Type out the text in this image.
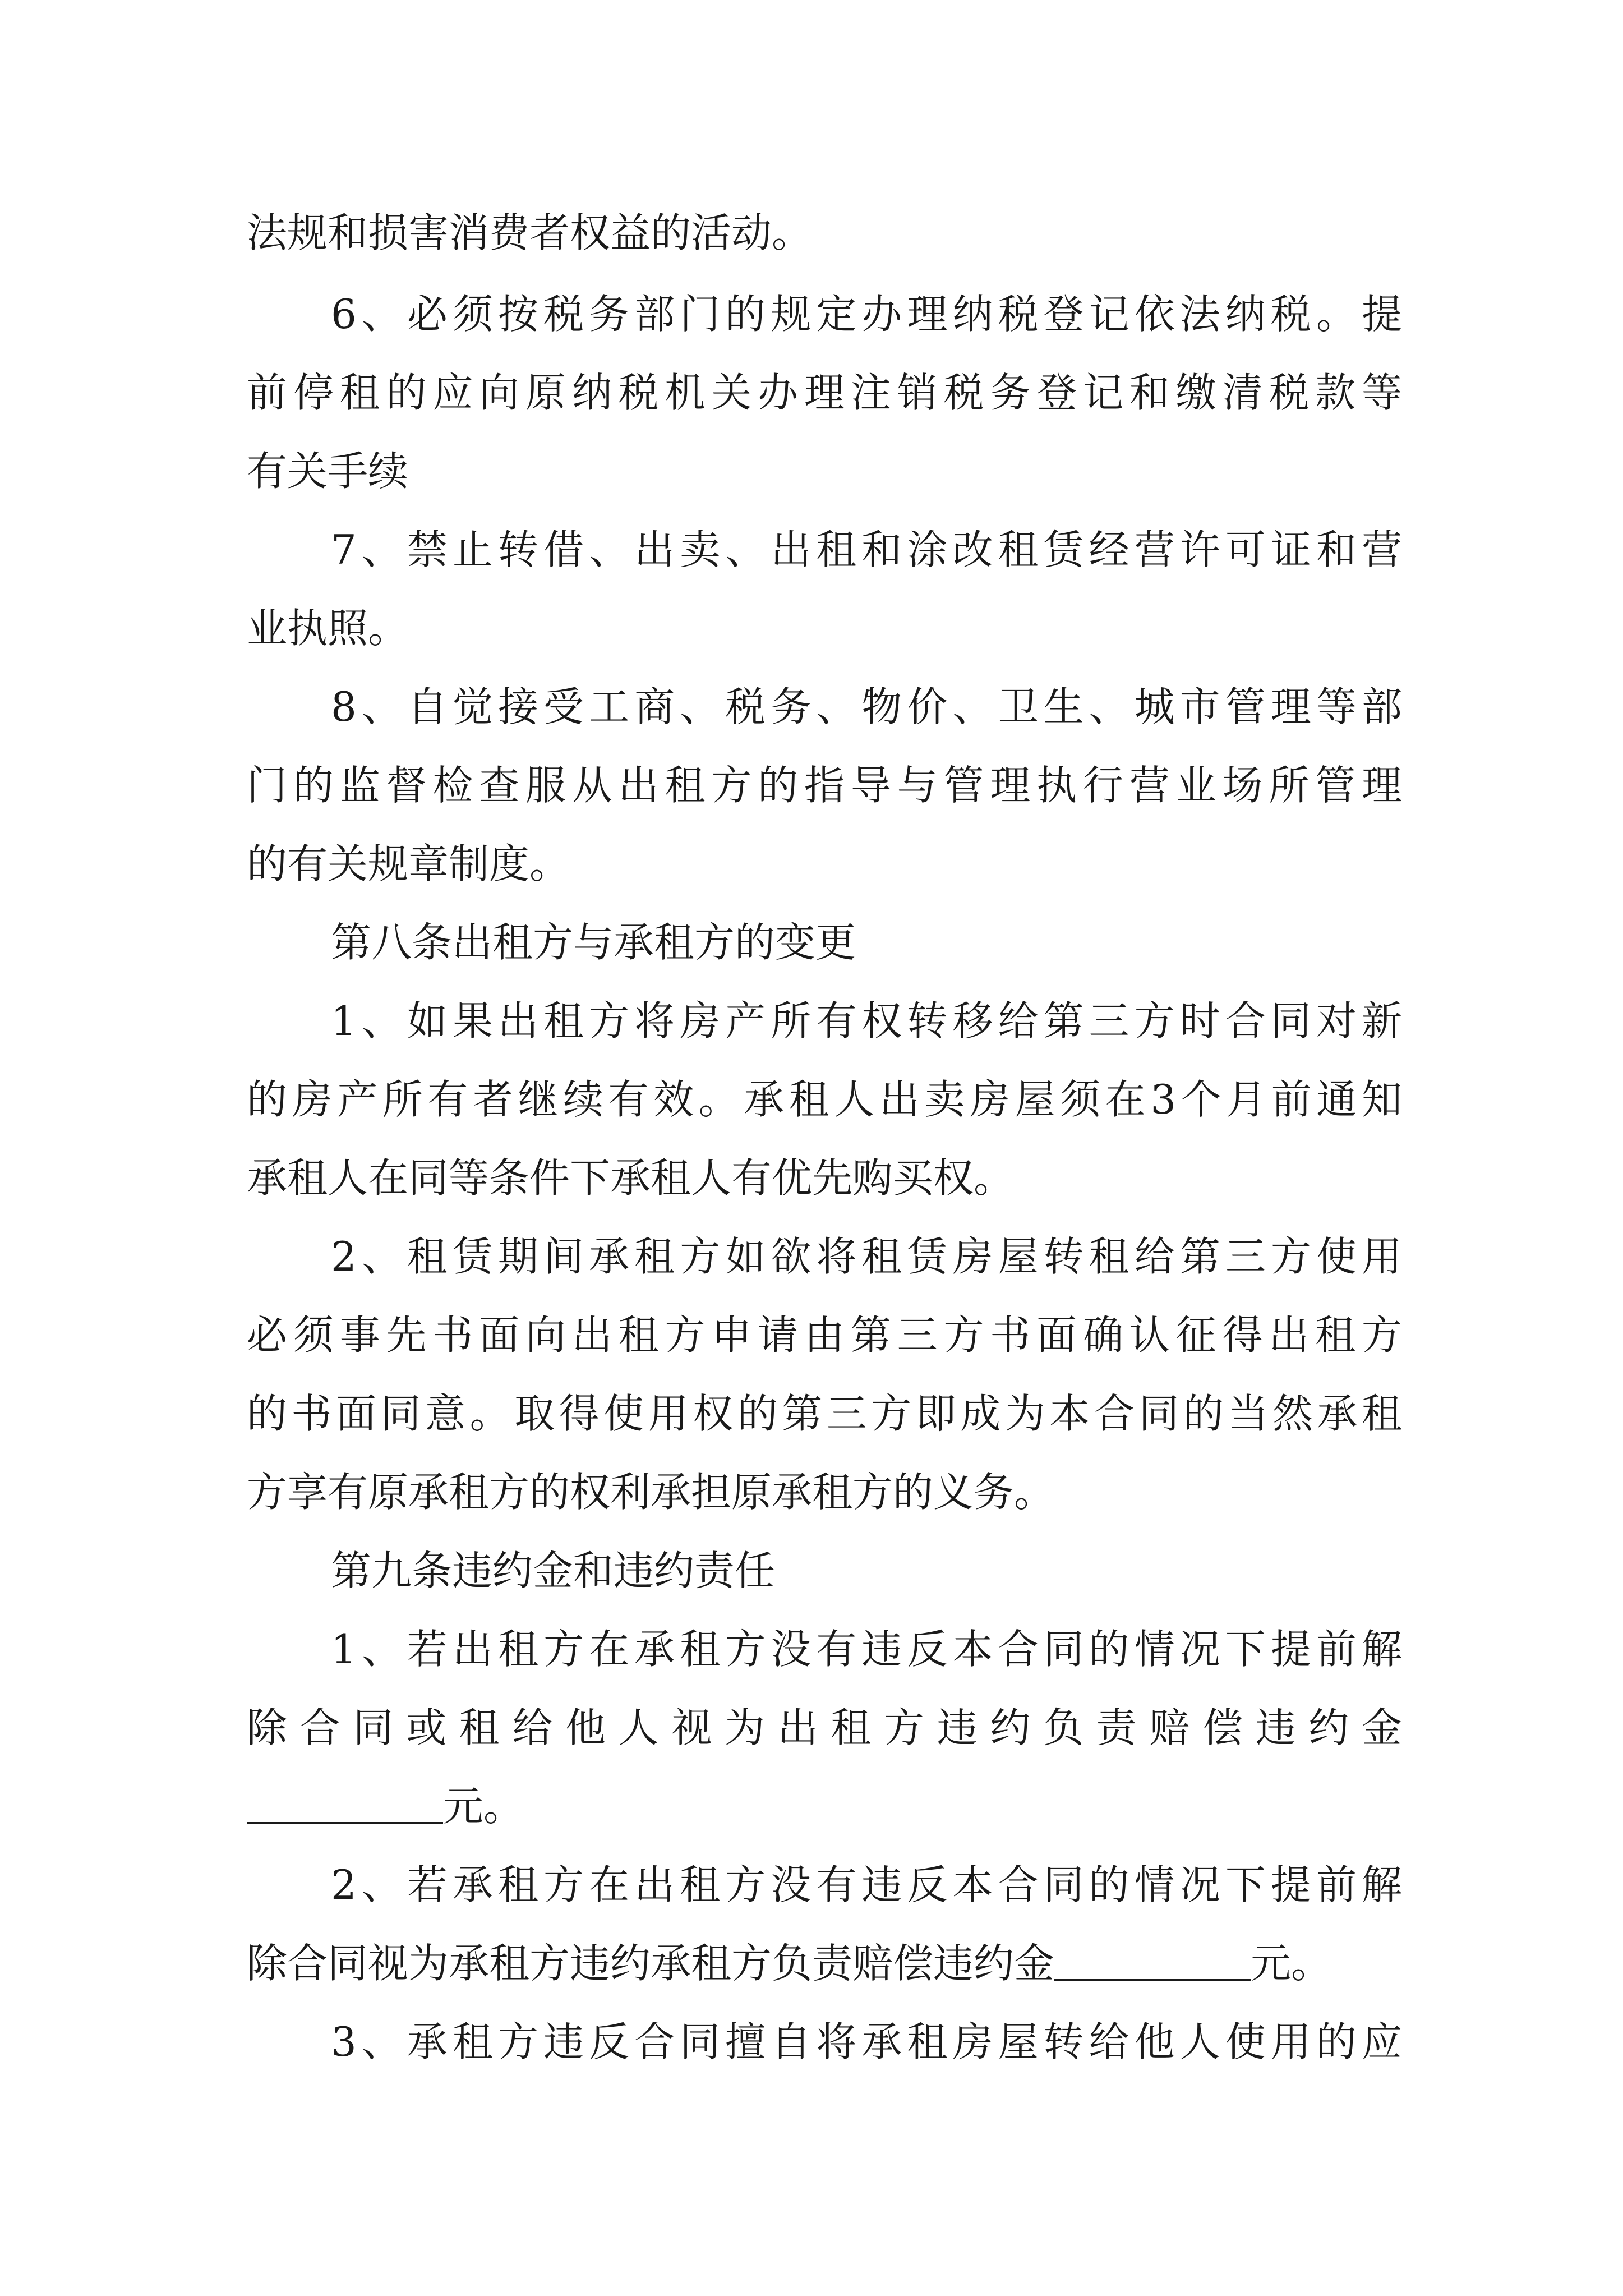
法规和损害消费者权益的活动。
6、必须按税务部门的规定办理纳税登记依法纳税。提
前停租的应向原纳税机关办理注销税务登记和缴清税款等
有关手续
7、禁止转借、出卖、出租和涂改租赁经营许可证和营
业执照。
8、自觉接受工商、税务、物价、卫生、城市管理等部
门的监督检查服从出租方的指导与管理执行营业场所管理
的有关规章制度。
第八条出租方与承租方的变更
1、如果出租方将房产所有权转移给第三方时合同对新
的房产所有者继续有效。承租人出卖房屋须在3个月前通知
承租人在同等条件下承租人有优先购买权。
2、租赁期间承租方如欲将租赁房屋转租给第三方使用
必须事先书面向出租方申请由第三方书面确认征得出租方
的书面同意。取得使用权的第三方即成为本合同的当然承租
方享有原承租方的权利承担原承租方的义务。
第九条违约金和违约责任
1、若出租方在承租方没有违反本合同的情况下提前解
除合同或租给他人视为出租方违约负责赔偿违约金
元。
2、若承租方在出租方没有违反本合同的情况下提前解
除合同视为承租方违约承租方负责赔偿违约金	元。
3、承租方违反合同擅自将承租房屋转给他人使用的应
